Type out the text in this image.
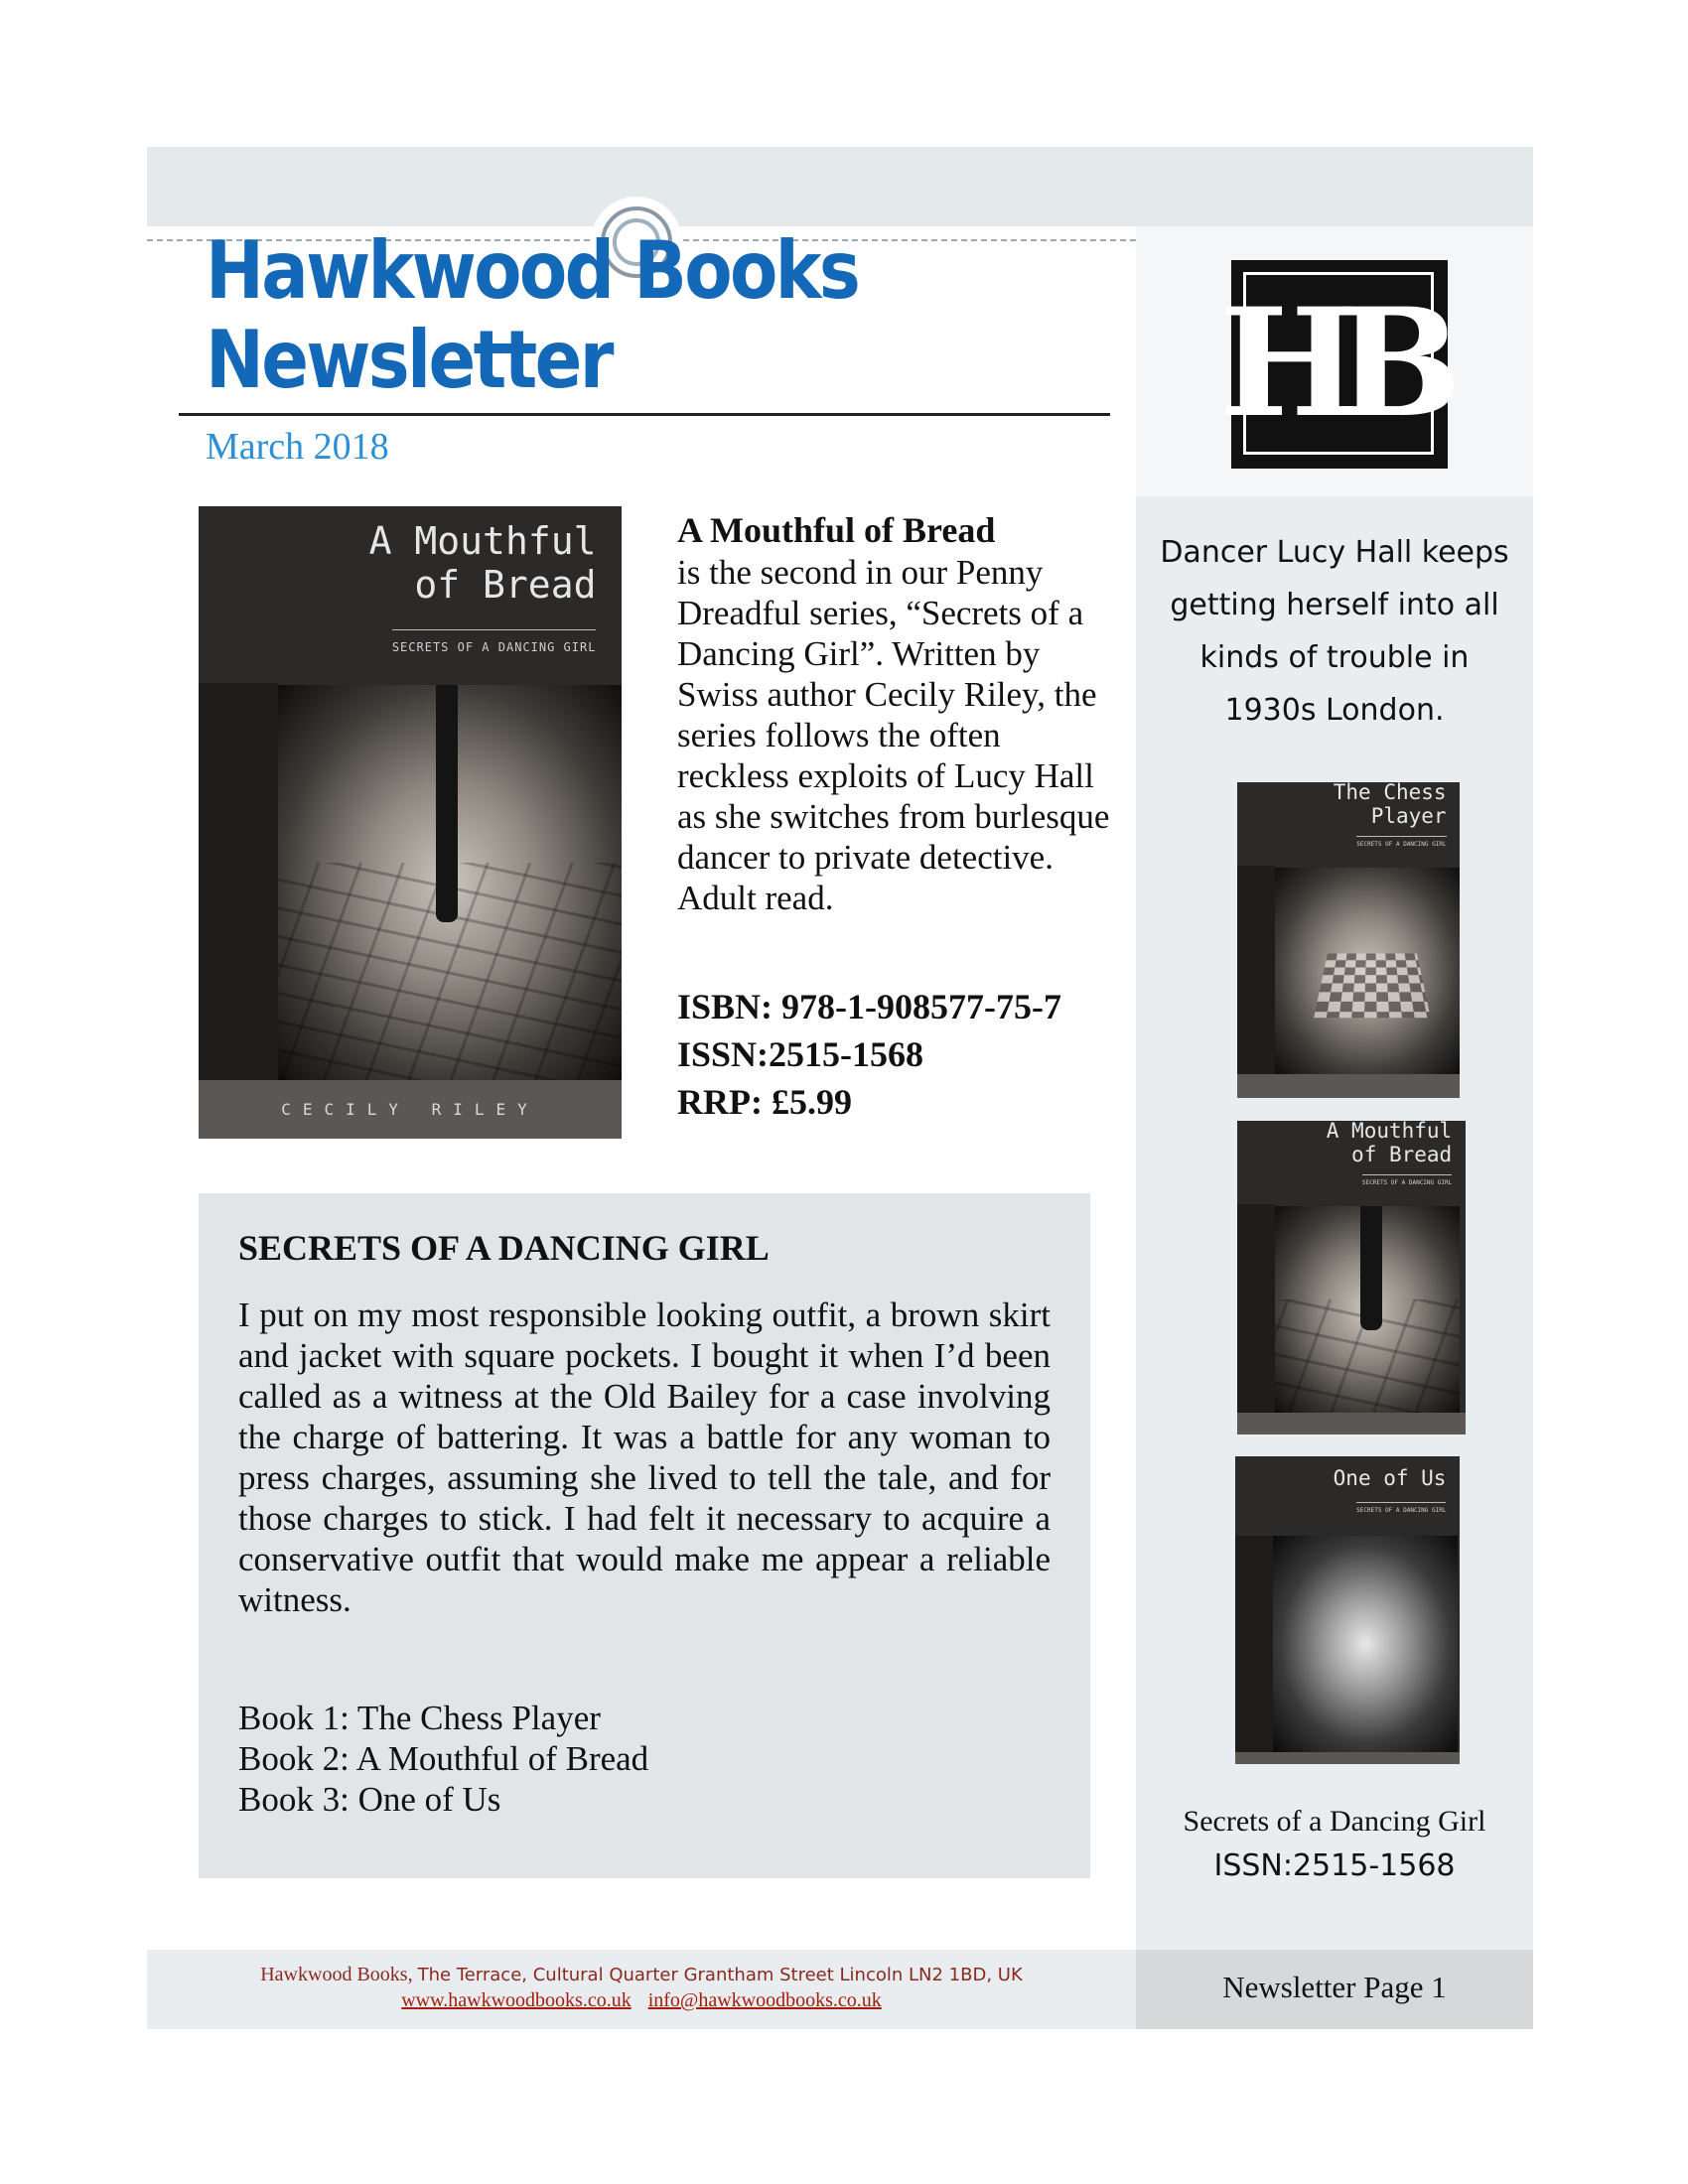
Hawkwood Books
Newsletter
March 2018	HB
A Mouthful
of Bread
SECRETS OF A DANCING GIRL
CECILY RILEY
A Mouthful of Bread
is the second in our Penny Dreadful series, “Secrets of a Dancing Girl”. Written by Swiss author Cecily Riley, the series follows the often reckless exploits of Lucy Hall as she switches from burlesque dancer to private detective. Adult read.
ISBN: 978-1-908577-75-7
ISSN:2515-1568
RRP: £5.99
SECRETS OF A DANCING GIRL
I put on my most responsible looking outfit, a brown skirt and jacket with square pockets. I bought it when I’d been called as a witness at the Old Bailey for a case involving the charge of battering. It was a battle for any woman to press charges, assuming she lived to tell the tale, and for those charges to stick. I had felt it necessary to acquire a conservative outfit that would make me appear a reliable witness.
Book 1: The Chess Player
Book 2: A Mouthful of Bread
Book 3: One of Us
Dancer Lucy Hall keeps getting herself into all kinds of trouble in 1930s London.
The Chess
Player
SECRETS OF A DANCING GIRL
A Mouthful
of Bread
SECRETS OF A DANCING GIRL
One of Us
SECRETS OF A DANCING GIRL
Secrets of a Dancing Girl
ISSN:2515-1568
Hawkwood Books, The Terrace, Cultural Quarter Grantham Street Lincoln LN2 1BD, UK
www.hawkwoodbooks.co.uk info@hawkwoodbooks.co.uk	Newsletter Page 1
